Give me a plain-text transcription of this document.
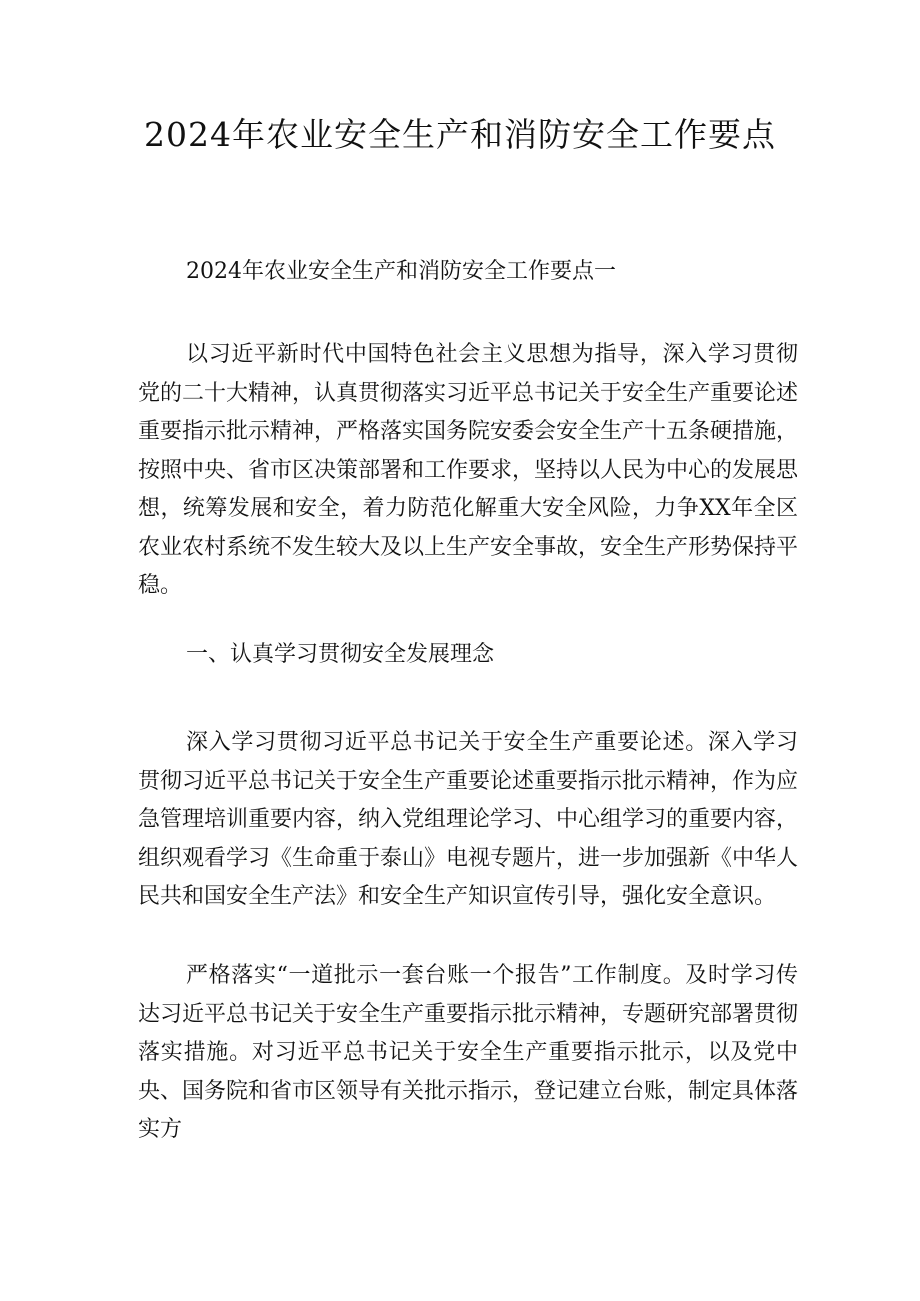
2024年农业安全生产和消防安全工作要点

2024年农业安全生产和消防安全工作要点一

以习近平新时代中国特色社会主义思想为指导，深入学习贯彻党的二十大精神，认真贯彻落实习近平总书记关于安全生产重要论述重要指示批示精神，严格落实国务院安委会安全生产十五条硬措施，按照中央、省市区决策部署和工作要求，坚持以人民为中心的发展思想，统筹发展和安全，着力防范化解重大安全风险，力争XX年全区农业农村系统不发生较大及以上生产安全事故，安全生产形势保持平稳。

一、认真学习贯彻安全发展理念

深入学习贯彻习近平总书记关于安全生产重要论述。深入学习贯彻习近平总书记关于安全生产重要论述重要指示批示精神，作为应急管理培训重要内容，纳入党组理论学习、中心组学习的重要内容，组织观看学习《生命重于泰山》电视专题片，进一步加强新《中华人民共和国安全生产法》和安全生产知识宣传引导，强化安全意识。

严格落实“一道批示一套台账一个报告”工作制度。及时学习传达习近平总书记关于安全生产重要指示批示精神，专题研究部署贯彻落实措施。对习近平总书记关于安全生产重要指示批示，以及党中央、国务院和省市区领导有关批示指示，登记建立台账，制定具体落实方
